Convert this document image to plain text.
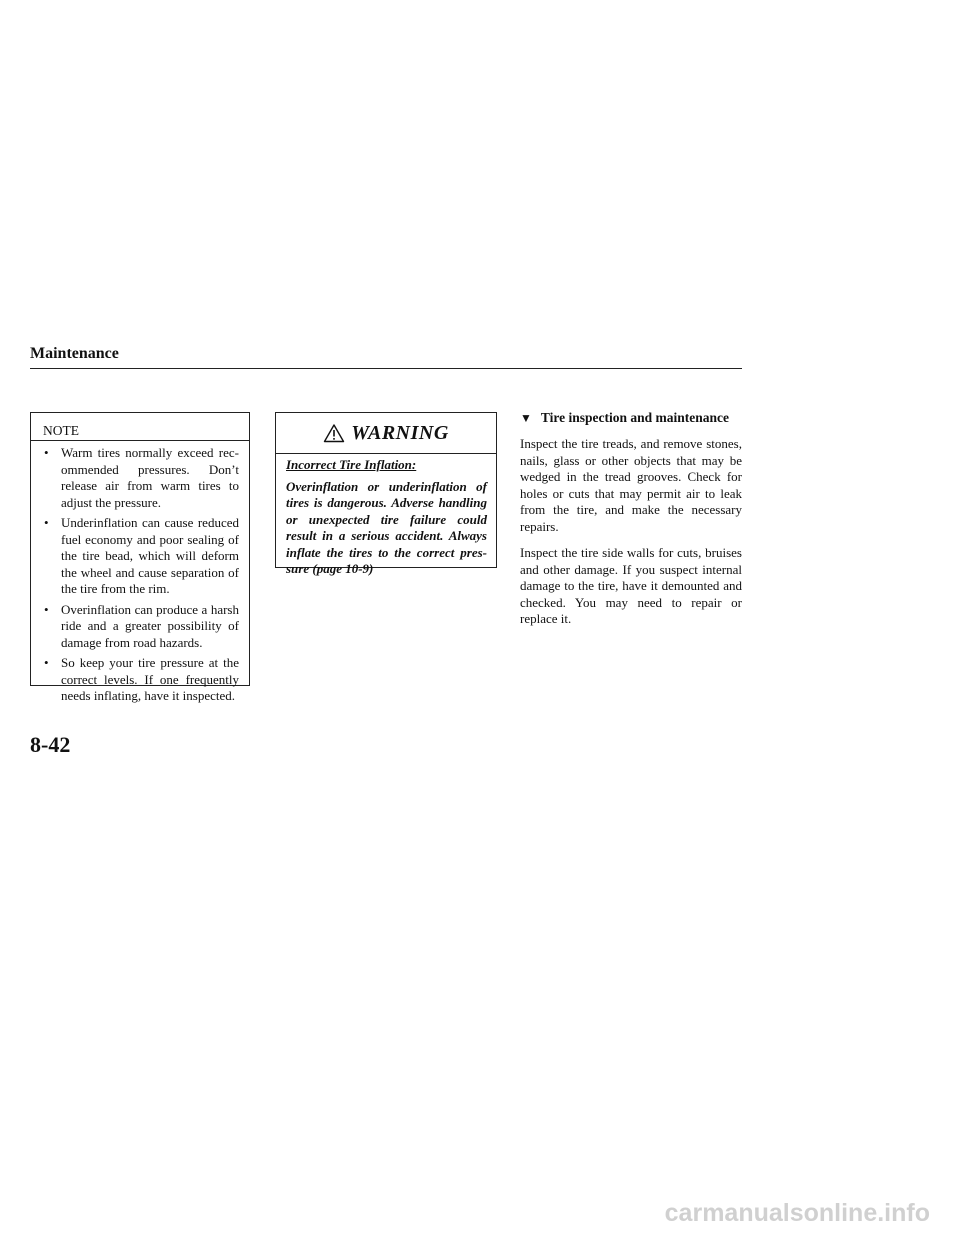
Maintenance
NOTE
• Warm tires normally exceed rec-ommended pressures. Don’t release air from warm tires to adjust the pressure.
• Underinflation can cause reduced fuel economy and poor sealing of the tire bead, which will deform the wheel and cause separation of the tire from the rim.
• Overinflation can produce a harsh ride and a greater possibility of damage from road hazards.
• So keep your tire pressure at the correct levels. If one frequently needs inflating, have it inspected.
WARNING
Incorrect Tire Inflation:
Overinflation or underinflation of tires is dangerous. Adverse handling or unexpected tire failure could result in a serious accident. Always inflate the tires to the correct pres-sure (page 10-9)
▼ Tire inspection and maintenance

Inspect the tire treads, and remove stones, nails, glass or other objects that may be wedged in the tread grooves. Check for holes or cuts that may permit air to leak from the tire, and make the necessary repairs.

Inspect the tire side walls for cuts, bruises and other damage. If you suspect internal damage to the tire, have it demounted and checked. You may need to repair or replace it.

8-42
carmanualsonline.info
